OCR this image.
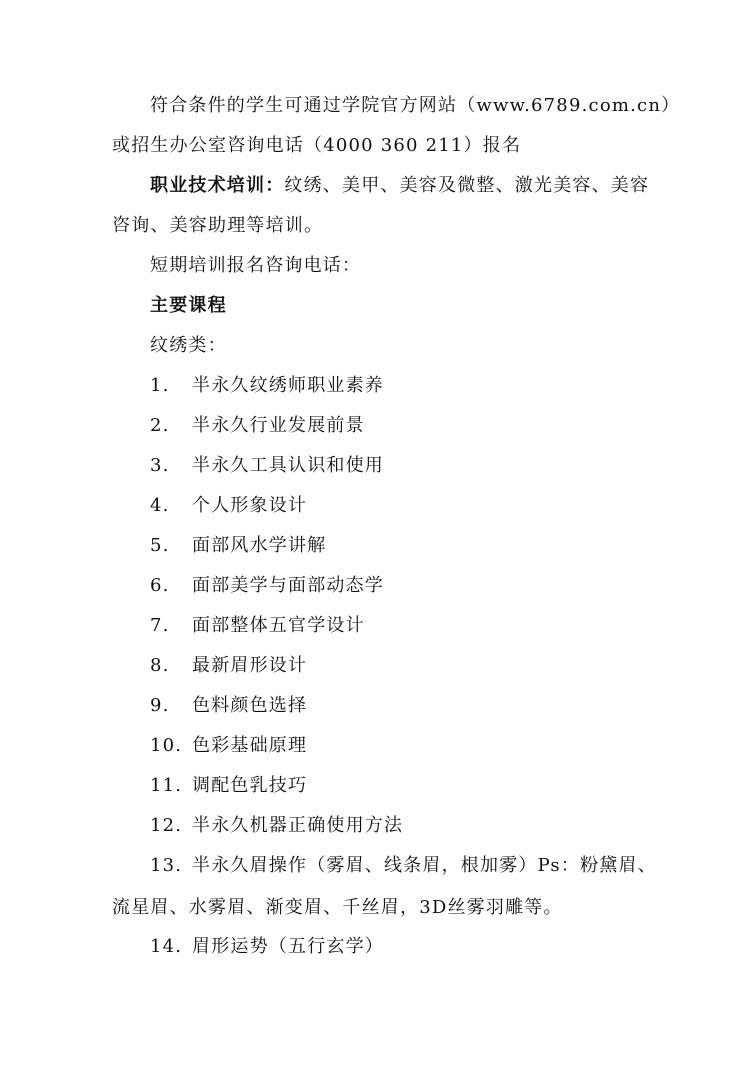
符合条件的学生可通过学院官方网站（www.6789.com.cn）
或招生办公室咨询电话（4000 360 211）报名
职业技术培训：纹绣、美甲、美容及微整、激光美容、美容
咨询、美容助理等培训。
短期培训报名咨询电话：
主要课程
纹绣类：
1. 半永久纹绣师职业素养
2. 半永久行业发展前景
3. 半永久工具认识和使用
4. 个人形象设计
5. 面部风水学讲解
6. 面部美学与面部动态学
7. 面部整体五官学设计
8. 最新眉形设计
9. 色料颜色选择
10. 色彩基础原理
11. 调配色乳技巧
12. 半永久机器正确使用方法
13. 半永久眉操作（雾眉、线条眉，根加雾）Ps：粉黛眉、
流星眉、水雾眉、渐变眉、千丝眉，3D丝雾羽雕等。
14. 眉形运势（五行玄学）
